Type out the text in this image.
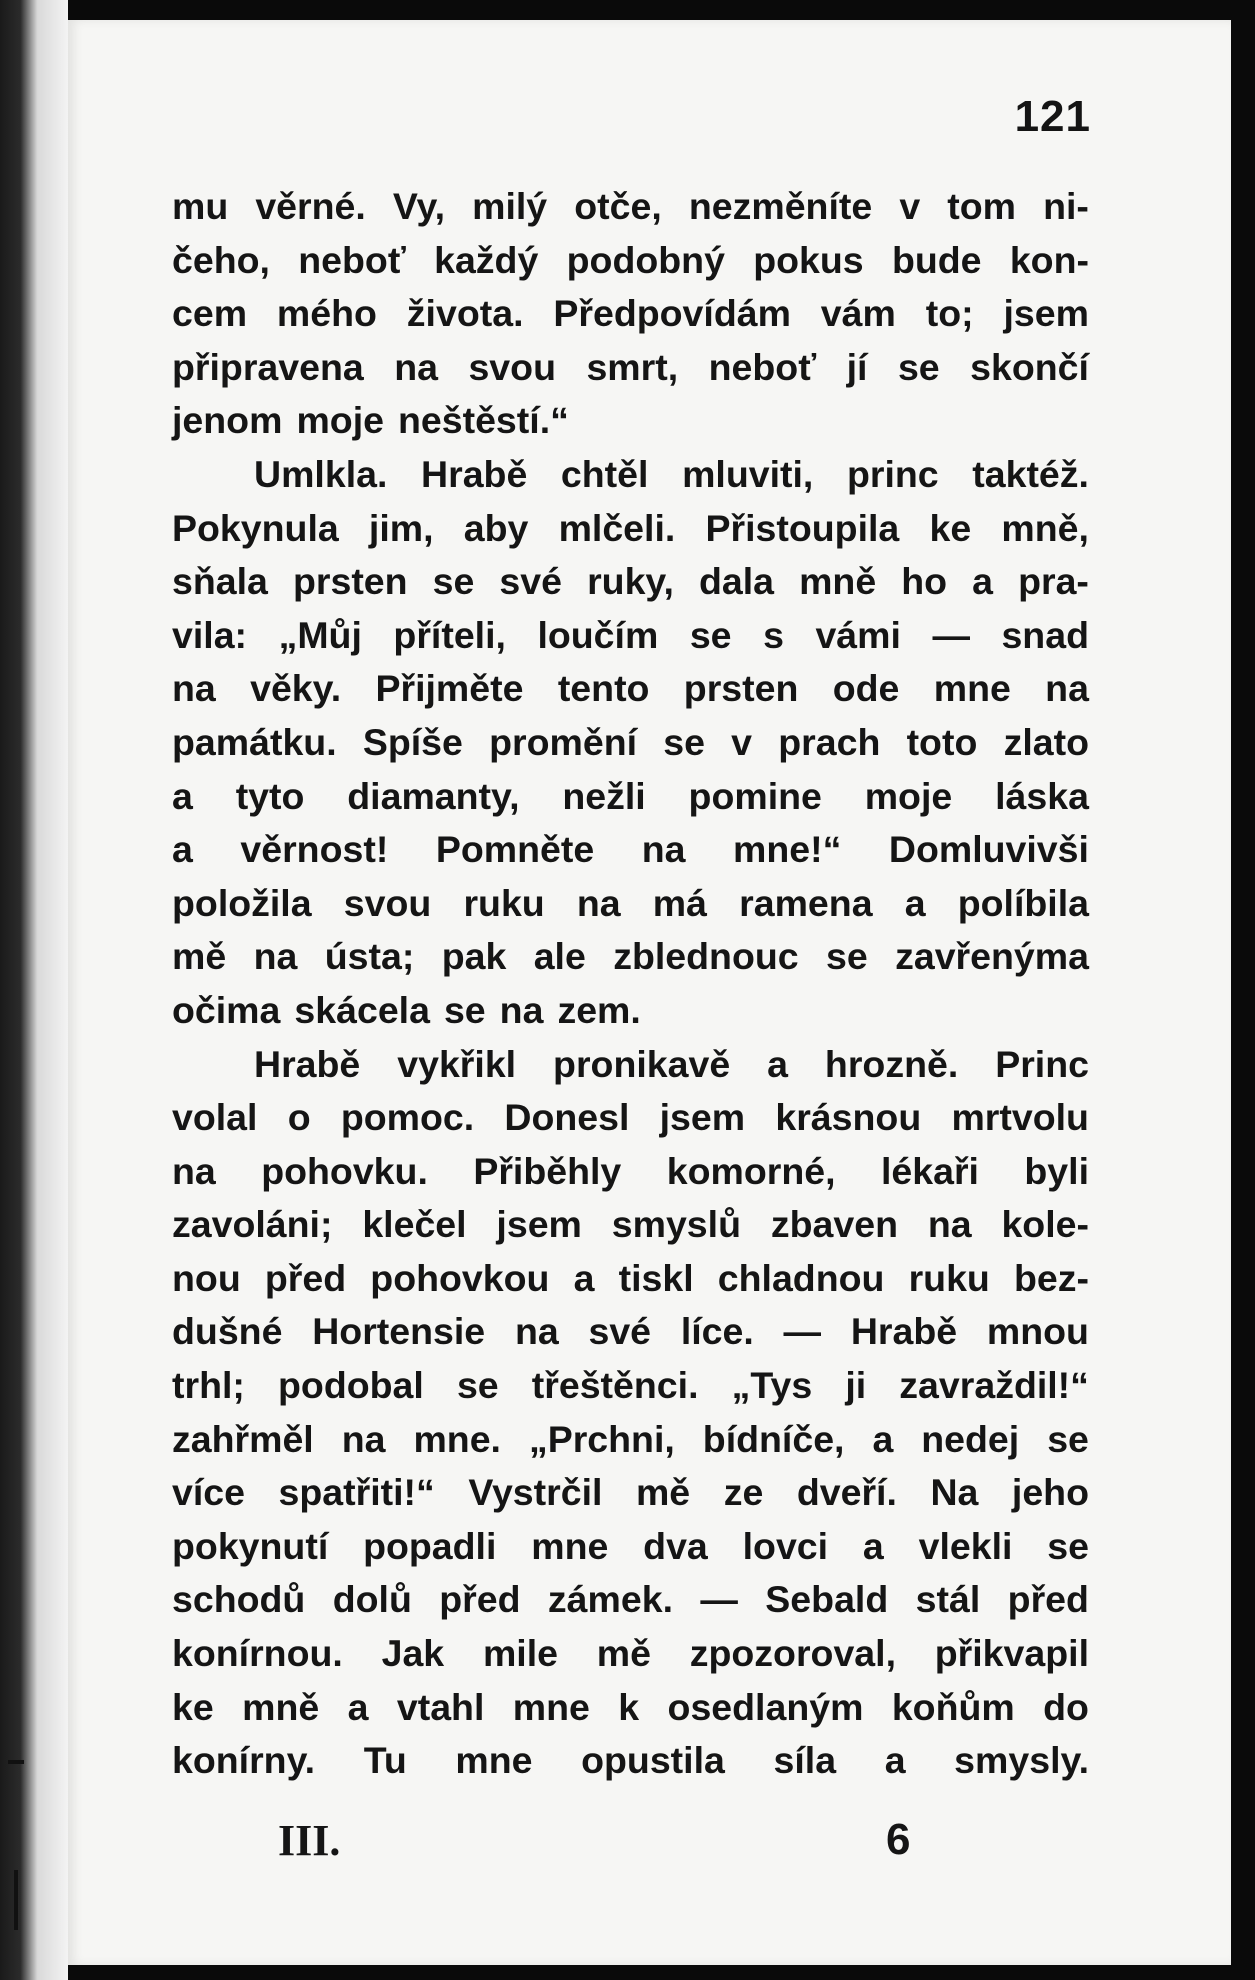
121
mu věrné. Vy, milý otče, nezměníte v tom ni-
čeho, neboť každý podobný pokus bude kon-
cem mého života. Předpovídám vám to; jsem
připravena na svou smrt, neboť jí se skončí
jenom moje neštěstí.“
Umlkla. Hrabě chtěl mluviti, princ taktéž.
Pokynula jim, aby mlčeli. Přistoupila ke mně,
sňala prsten se své ruky, dala mně ho a pra-
vila: „Můj příteli, loučím se s vámi — snad
na věky. Přijměte tento prsten ode mne na
památku. Spíše promění se v prach toto zlato
a tyto diamanty, nežli pomine moje láska
a věrnost! Pomněte na mne!“ Domluvivši
položila svou ruku na má ramena a políbila
mě na ústa; pak ale zblednouc se zavřenýma
očima skácela se na zem.
Hrabě vykřikl pronikavě a hrozně. Princ
volal o pomoc. Donesl jsem krásnou mrtvolu
na pohovku. Přiběhly komorné, lékaři byli
zavoláni; klečel jsem smyslů zbaven na kole-
nou před pohovkou a tiskl chladnou ruku bez-
dušné Hortensie na své líce. — Hrabě mnou
trhl; podobal se třeštěnci. „Tys ji zavraždil!“
zahřměl na mne. „Prchni, bídníče, a nedej se
více spatřiti!“ Vystrčil mě ze dveří. Na jeho
pokynutí popadli mne dva lovci a vlekli se
schodů dolů před zámek. — Sebald stál před
konírnou. Jak mile mě zpozoroval, přikvapil
ke mně a vtahl mne k osedlaným koňům do
konírny. Tu mne opustila síla a smysly.
III.	6
